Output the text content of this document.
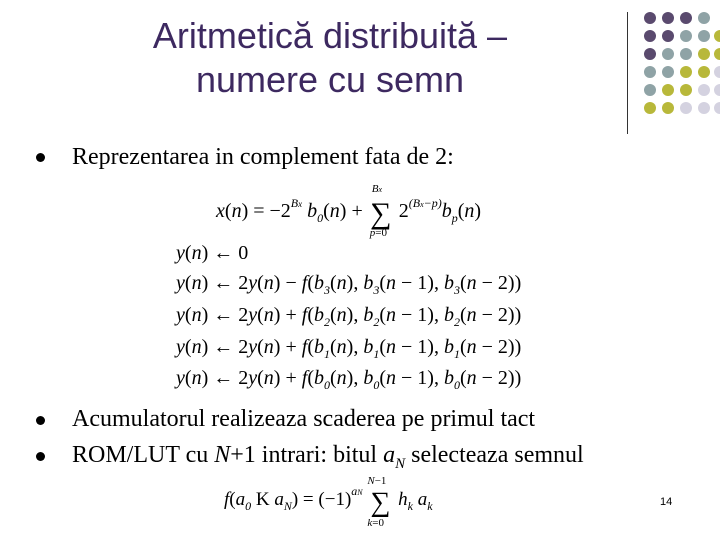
Aritmetică distribuită –
numere cu semn
Reprezentarea in complement fata de 2:
$x(n) = -2^{Bx}$ $b_0(n)$ + ∑
Bx
p=0
$2^{(Bx-p)}b_p(n)$
y(n) ← 0
y(n) ← $2y(n) - f(b_3(n)$, $b_3(n - 1)$, $b_3(n - 2)$)
y(n) ← $2y(n) + f(b_2(n)$, $b_2(n - 1)$, $b_2(n - 2)$)
y(n) ← $2y(n) + f(b_1(n)$, $b_1(n - 1)$, $b_1(n - 2)$)
y(n) ← $2y(n) + f(b_0(n)$, $b_0(n - 1)$, $b_0(n - 2)$)
Acumulatorul realizeaza scaderea pe primul tact
ROM/LUT cu N+1 intrari: bitul $a_N$ selecteaza semnul
$f(a_0$ K $a_N) = (-1)^{aN}$ ∑
N−1
k=0
$h_k$ $a_k$	14
